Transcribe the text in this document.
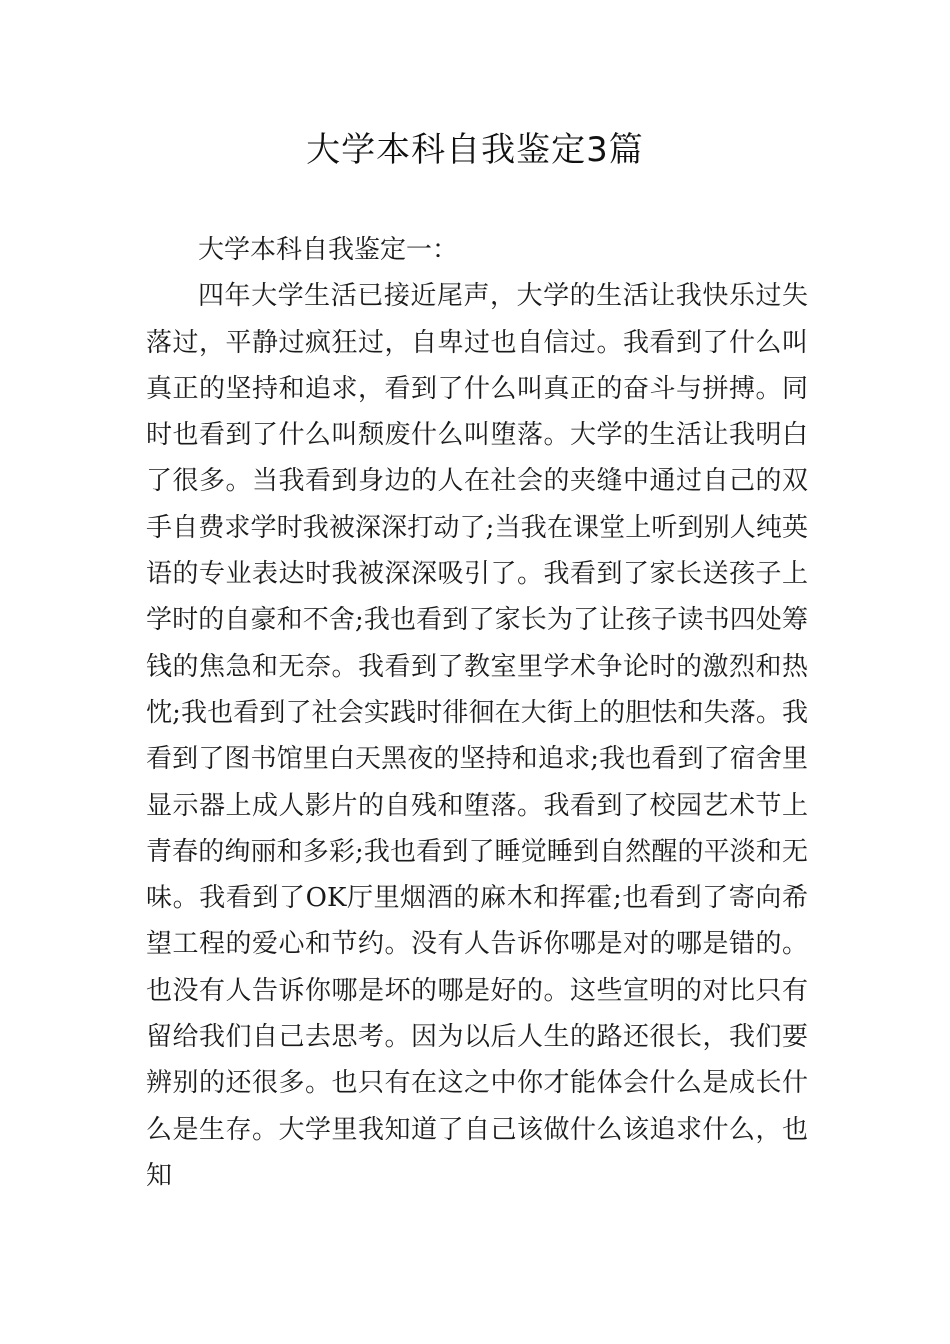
大学本科自我鉴定3篇

大学本科自我鉴定一：

四年大学生活已接近尾声，大学的生活让我快乐过失落过，平静过疯狂过，自卑过也自信过。我看到了什么叫真正的坚持和追求，看到了什么叫真正的奋斗与拼搏。同时也看到了什么叫颓废什么叫堕落。大学的生活让我明白了很多。当我看到身边的人在社会的夹缝中通过自己的双手自费求学时我被深深打动了;当我在课堂上听到别人纯英语的专业表达时我被深深吸引了。我看到了家长送孩子上学时的自豪和不舍;我也看到了家长为了让孩子读书四处筹钱的焦急和无奈。我看到了教室里学术争论时的激烈和热忱;我也看到了社会实践时徘徊在大街上的胆怯和失落。我看到了图书馆里白天黑夜的坚持和追求;我也看到了宿舍里显示器上成人影片的自残和堕落。我看到了校园艺术节上青春的绚丽和多彩;我也看到了睡觉睡到自然醒的平淡和无味。我看到了OK厅里烟酒的麻木和挥霍;也看到了寄向希望工程的爱心和节约。没有人告诉你哪是对的哪是错的。也没有人告诉你哪是坏的哪是好的。这些宣明的对比只有留给我们自己去思考。因为以后人生的路还很长，我们要辨别的还很多。也只有在这之中你才能体会什么是成长什么是生存。大学里我知道了自己该做什么该追求什么，也知
